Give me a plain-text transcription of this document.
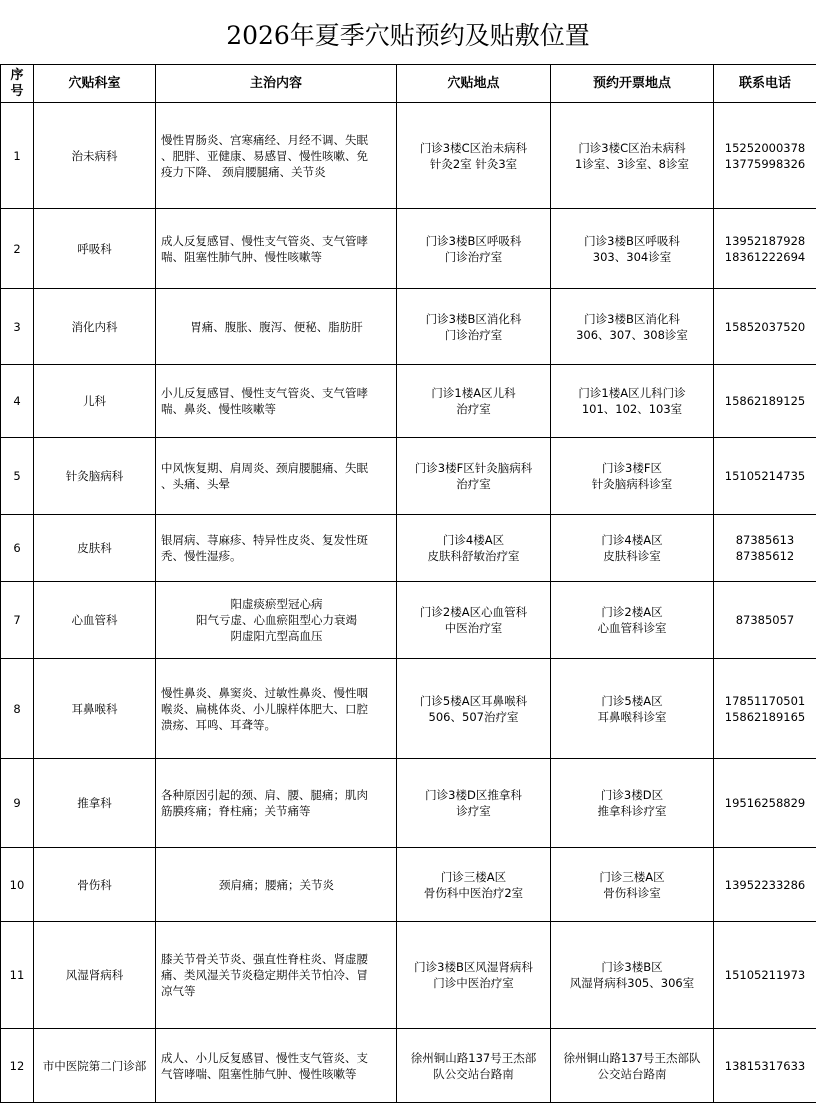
2026年夏季穴贴预约及贴敷位置
序号	穴贴科室	主治内容	穴贴地点	预约开票地点	联系电话
1	治未病科	慢性胃肠炎、宫寒痛经、月经不调、失眠
、肥胖、亚健康、易感冒、慢性咳嗽、免
疫力下降、 颈肩腰腿痛、关节炎	门诊3楼C区治未病科
针灸2室 针灸3室	门诊3楼C区治未病科
1诊室、3诊室、8诊室	15252000378
13775998326

2	呼吸科	成人反复感冒、慢性支气管炎、支气管哮
喘、阻塞性肺气肿、慢性咳嗽等	门诊3楼B区呼吸科
门诊治疗室	门诊3楼B区呼吸科
303、304诊室	13952187928
18361222694

3	消化内科	胃痛、腹胀、腹泻、便秘、脂肪肝	门诊3楼B区消化科
门诊治疗室	门诊3楼B区消化科
306、307、308诊室	15852037520

4	儿科	小儿反复感冒、慢性支气管炎、支气管哮
喘、鼻炎、慢性咳嗽等	门诊1楼A区儿科
治疗室	门诊1楼A区儿科门诊
101、102、103室	15862189125

5	针灸脑病科	中风恢复期、肩周炎、颈肩腰腿痛、失眠
、头痛、头晕	门诊3楼F区针灸脑病科
治疗室	门诊3楼F区
针灸脑病科诊室	15105214735

6	皮肤科	银屑病、荨麻疹、特异性皮炎、复发性斑
秃、慢性湿疹。	门诊4楼A区
皮肤科舒敏治疗室	门诊4楼A区
皮肤科诊室	87385613
87385612

7	心血管科	阳虚痰瘀型冠心病
阳气亏虚、心血瘀阻型心力衰竭
阴虚阳亢型高血压	门诊2楼A区心血管科
中医治疗室	门诊2楼A区
心血管科诊室	87385057

8	耳鼻喉科	慢性鼻炎、鼻窦炎、过敏性鼻炎、慢性咽
喉炎、扁桃体炎、小儿腺样体肥大、口腔
溃疡、耳鸣、耳聋等。	门诊5楼A区耳鼻喉科
506、507治疗室	门诊5楼A区
耳鼻喉科诊室	17851170501
15862189165

9	推拿科	各种原因引起的颈、肩、腰、腿痛；肌肉
筋膜疼痛；脊柱痛；关节痛等	门诊3楼D区推拿科
诊疗室	门诊3楼D区
推拿科诊疗室	19516258829

10	骨伤科	颈肩痛；腰痛；关节炎	门诊三楼A区
骨伤科中医治疗2室	门诊三楼A区
骨伤科诊室	13952233286

11	风湿肾病科	膝关节骨关节炎、强直性脊柱炎、肾虚腰
痛、类风湿关节炎稳定期伴关节怕冷、冒
凉气等	门诊3楼B区风湿肾病科
门诊中医治疗室	门诊3楼B区
风湿肾病科305、306室	15105211973

12	市中医院第二门诊部	成人、小儿反复感冒、慢性支气管炎、支
气管哮喘、阻塞性肺气肿、慢性咳嗽等	徐州铜山路137号王杰部
队公交站台路南	徐州铜山路137号王杰部队
公交站台路南	13815317633
